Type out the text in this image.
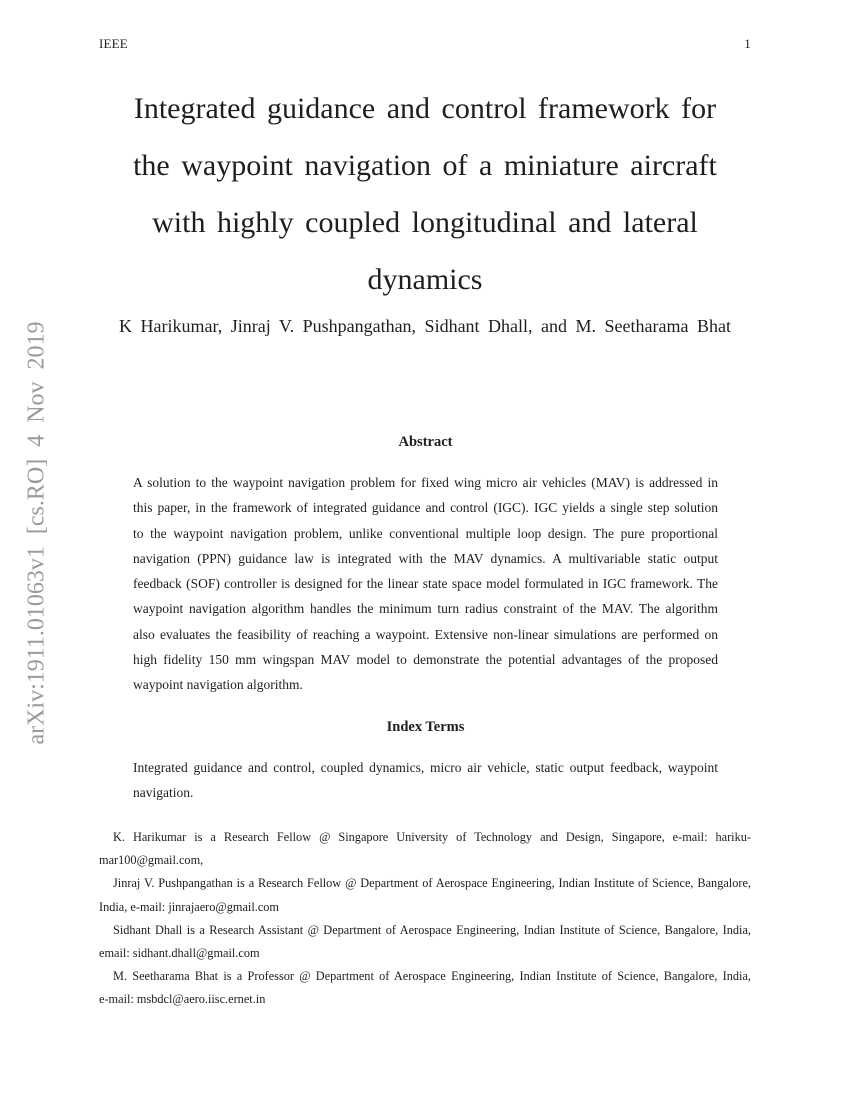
IEEE	1
arXiv:1911.01063v1 [cs.RO] 4 Nov 2019
Integrated guidance and control framework for
the waypoint navigation of a miniature aircraft
with highly coupled longitudinal and lateral
dynamics
K Harikumar, Jinraj V. Pushpangathan, Sidhant Dhall, and M. Seetharama Bhat
Abstract
A solution to the waypoint navigation problem for fixed wing micro air vehicles (MAV) is addressed in
this paper, in the framework of integrated guidance and control (IGC). IGC yields a single step solution
to the waypoint navigation problem, unlike conventional multiple loop design. The pure proportional
navigation (PPN) guidance law is integrated with the MAV dynamics. A multivariable static output
feedback (SOF) controller is designed for the linear state space model formulated in IGC framework. The
waypoint navigation algorithm handles the minimum turn radius constraint of the MAV. The algorithm
also evaluates the feasibility of reaching a waypoint. Extensive non-linear simulations are performed on
high fidelity 150 mm wingspan MAV model to demonstrate the potential advantages of the proposed
waypoint navigation algorithm.
Index Terms
Integrated guidance and control, coupled dynamics, micro air vehicle, static output feedback, waypoint
navigation.
K. Harikumar is a Research Fellow @ Singapore University of Technology and Design, Singapore, e-mail: hariku-
mar100@gmail.com,
Jinraj V. Pushpangathan is a Research Fellow @ Department of Aerospace Engineering, Indian Institute of Science, Bangalore,
India, e-mail: jinrajaero@gmail.com
Sidhant Dhall is a Research Assistant @ Department of Aerospace Engineering, Indian Institute of Science, Bangalore, India,
email: sidhant.dhall@gmail.com
M. Seetharama Bhat is a Professor @ Department of Aerospace Engineering, Indian Institute of Science, Bangalore, India,
e-mail: msbdcl@aero.iisc.ernet.in
